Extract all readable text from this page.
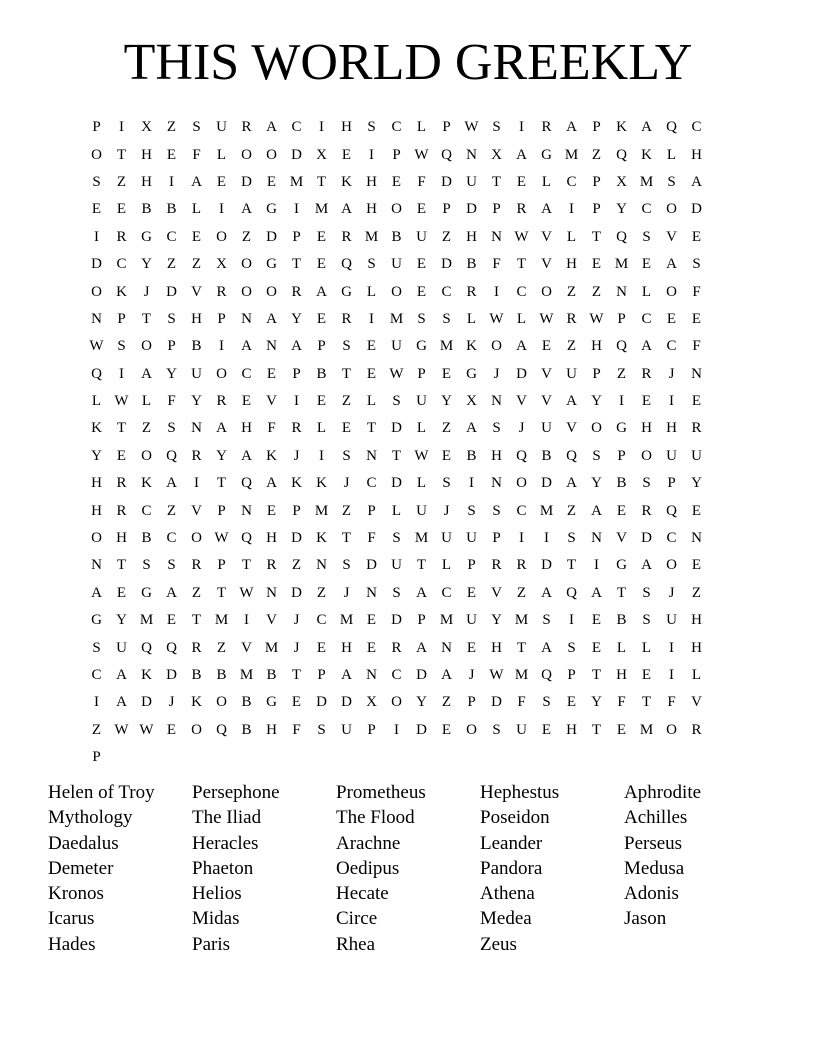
THIS WORLD GREEKLY
P	I	X Z	S	U R A C	I	H	S	C	L	P W S	I	R A	P	K A Q C
O T	H E	F	L	O O D X E	I	P W Q N X A G M Z	Q K L	H
S	Z	H	I	A E	D E M T	K H E	F	D U T	E	L	C	P	X M S	A
E	E	B B	L	I	A G	I	M A H O E	P	D	P	R A	I	P	Y C O D
I	R G C	E	O Z	D	P	E	R M B U Z	H N W V L	T	Q	S	V E
D C Y Z	Z	X O G T	E	Q	S	U E	D B	F	T	V H E M E	A	S
O K	J	D V R O O R A G L	O E	C R	I	C O Z	Z	N L	O	F
N	P	T	S	H	P	N A Y E	R	I	M S	S	L W L W R W P	C	E	E
W S	O	P	B	I	A N A	P	S	E	U G M K O A E	Z	H Q A C	F
Q	I	A Y U O C	E	P	B	T	E W P	E	G	J	D V U	P	Z	R	J	N
L W L	F	Y R	E	V	I	E	Z	L	S	U Y X N V V A Y	I	E	I	E
K T	Z	S	N A H	F	R	L	E	T	D L	Z	A	S	J	U V O G H H R
Y E	O Q R Y A K	J	I	S	N T W E	B H Q B Q	S	P	O U U
H R K A	I	T	Q A K K	J	C D L	S	I	N O D A Y B	S	P	Y
H R C	Z	V	P	N E	P M Z	P	L	U	J	S	S	C M Z	A E	R Q E
O H B C O W Q H D K T	F	S M U U	P	I	I	S	N V D C N
N T	S	S	R	P	T	R	Z	N	S	D U T	L	P	R R D T	I	G A O E
A E	G A Z	T W N D Z	J	N	S	A C	E	V Z	A Q A T	S	J	Z
G Y M E	T M	I	V	J	C M E	D	P M U Y M S	I	E	B	S	U H
S	U Q Q R	Z	V M	J	E	H E	R A N E	H T	A	S	E	L	L	I	H
C A K D B B M B	T	P	A N C D A	J W M Q	P	T	H E	I	L
I	A D	J	K O B G E	D D X O Y Z	P	D	F	S	E	Y	F	T	F	V
Z W W E	O Q B H	F	S	U	P	I	D E	O	S	U E	H T	E M O R
P
Helen of Troy	Persephone	Prometheus	Hephestus	Aphrodite
Mythology	The Iliad	The Flood	Poseidon	Achilles
Daedalus	Heracles	Arachne	Leander	Perseus
Demeter	Phaeton	Oedipus	Pandora	Medusa
Kronos	Helios	Hecate	Athena	Adonis
Icarus	Midas	Circe	Medea	Jason
Hades	Paris	Rhea	Zeus
